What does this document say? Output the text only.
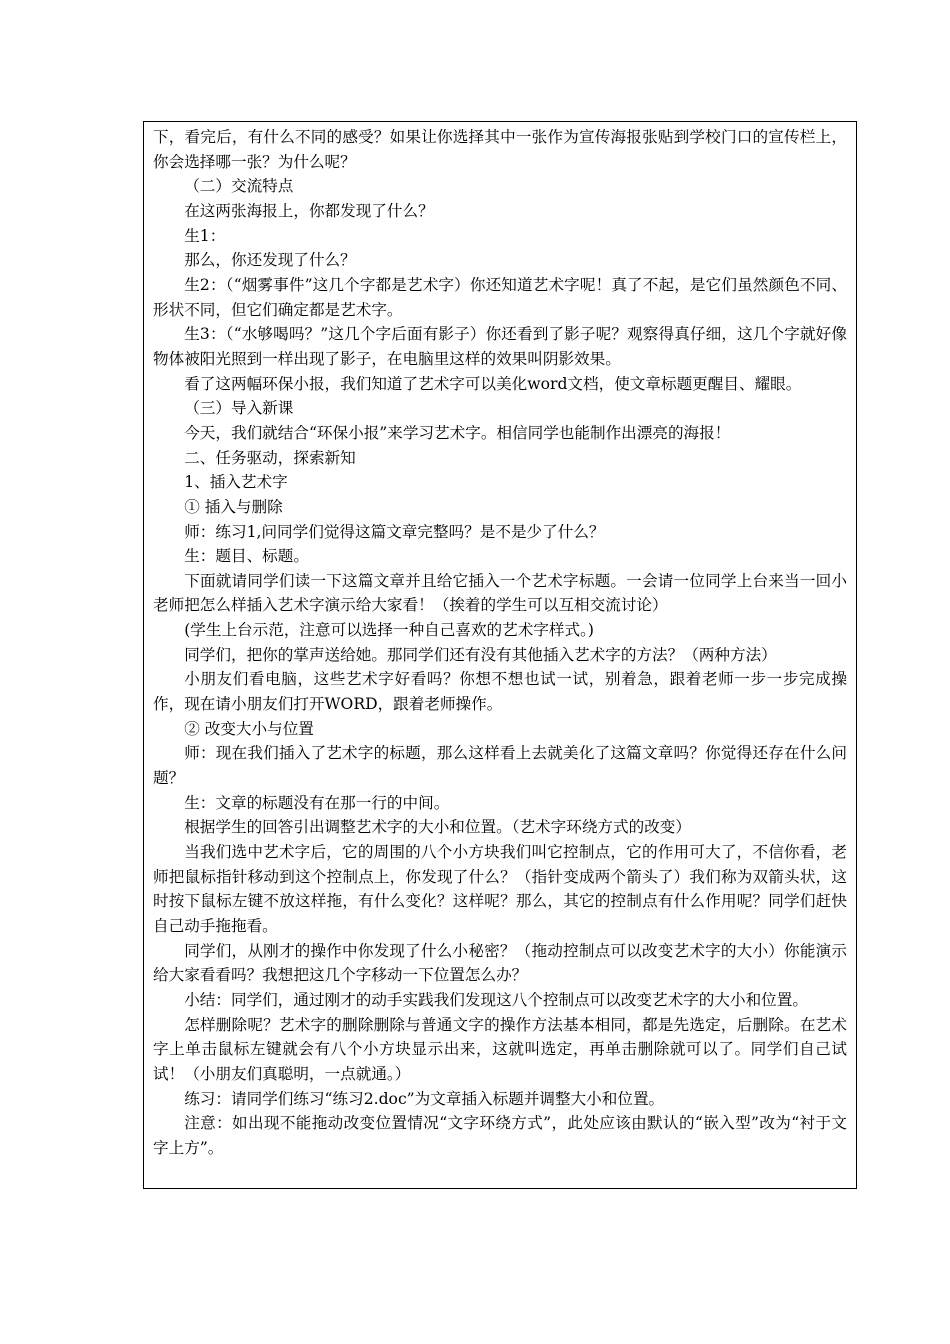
下，看完后，有什么不同的感受？如果让你选择其中一张作为宣传海报张贴到学校门口的宣传栏上，你会选择哪一张？为什么呢？

（二）交流特点

在这两张海报上，你都发现了什么？

生1：

那么，你还发现了什么？

生2：（“烟雾事件”这几个字都是艺术字）你还知道艺术字呢！真了不起，是它们虽然颜色不同、形状不同，但它们确定都是艺术字。

生3：（“水够喝吗？”这几个字后面有影子）你还看到了影子呢？观察得真仔细，这几个字就好像物体被阳光照到一样出现了影子，在电脑里这样的效果叫阴影效果。

看了这两幅环保小报，我们知道了艺术字可以美化word文档，使文章标题更醒目、耀眼。

（三）导入新课

今天，我们就结合“环保小报”来学习艺术字。相信同学也能制作出漂亮的海报！

二、任务驱动，探索新知

1、插入艺术字

① 插入与删除

师：练习1,问同学们觉得这篇文章完整吗？是不是少了什么？

生：题目、标题。

下面就请同学们读一下这篇文章并且给它插入一个艺术字标题。一会请一位同学上台来当一回小老师把怎么样插入艺术字演示给大家看！（挨着的学生可以互相交流讨论）

(学生上台示范，注意可以选择一种自己喜欢的艺术字样式。)

同学们，把你的掌声送给她。那同学们还有没有其他插入艺术字的方法？（两种方法）

小朋友们看电脑，这些艺术字好看吗？你想不想也试一试，别着急，跟着老师一步一步完成操作，现在请小朋友们打开WORD，跟着老师操作。

② 改变大小与位置

师：现在我们插入了艺术字的标题，那么这样看上去就美化了这篇文章吗？你觉得还存在什么问题？

生：文章的标题没有在那一行的中间。

根据学生的回答引出调整艺术字的大小和位置。（艺术字环绕方式的改变）

当我们选中艺术字后，它的周围的八个小方块我们叫它控制点，它的作用可大了，不信你看，老师把鼠标指针移动到这个控制点上，你发现了什么？（指针变成两个箭头了）我们称为双箭头状，这时按下鼠标左键不放这样拖，有什么变化？这样呢？那么，其它的控制点有什么作用呢？同学们赶快自己动手拖拖看。

同学们，从刚才的操作中你发现了什么小秘密？（拖动控制点可以改变艺术字的大小）你能演示给大家看看吗？我想把这几个字移动一下位置怎么办？

小结：同学们，通过刚才的动手实践我们发现这八个控制点可以改变艺术字的大小和位置。

怎样删除呢？艺术字的删除删除与普通文字的操作方法基本相同，都是先选定，后删除。在艺术字上单击鼠标左键就会有八个小方块显示出来，这就叫选定，再单击删除就可以了。同学们自己试试！（小朋友们真聪明，一点就通。）

练习：请同学们练习“练习2.doc”为文章插入标题并调整大小和位置。

注意：如出现不能拖动改变位置情况“文字环绕方式”，此处应该由默认的“嵌入型”改为“衬于文字上方”。
